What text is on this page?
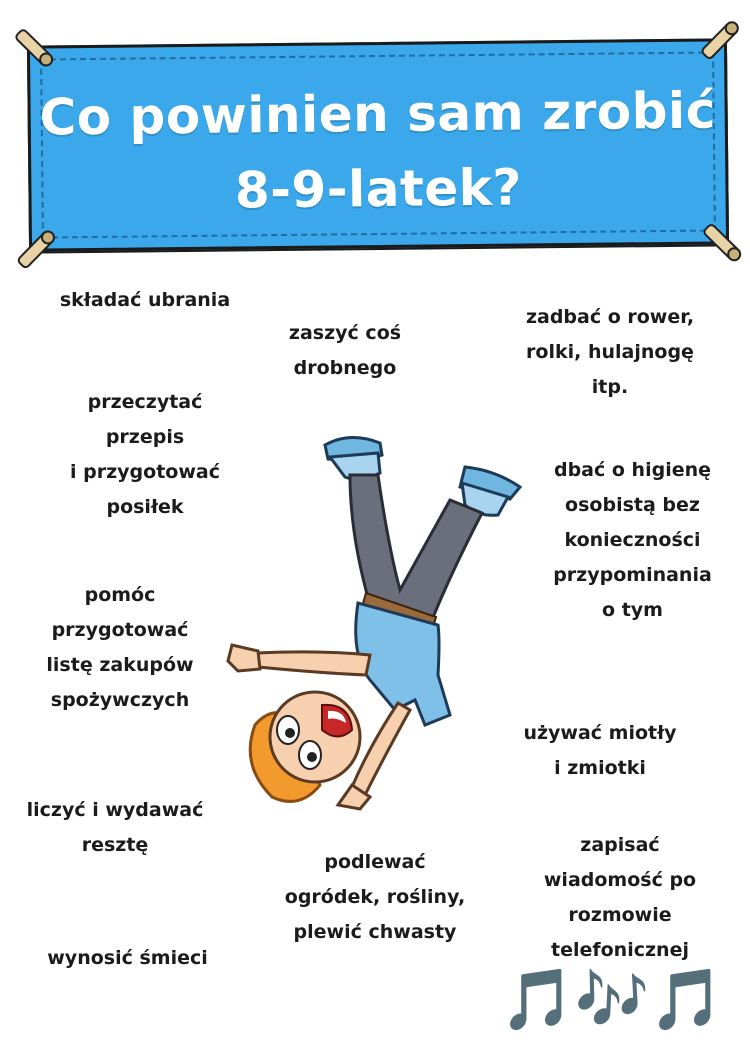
Co powinien sam zrobić
8-9-latek?
składać ubrania
zaszyć coś
drobnego
zadbać o rower,
rolki, hulajnogę
itp.
przeczytać
przepis
i przygotować
posiłek
dbać o higienę
osobistą bez
konieczności
przypominania
o tym
pomóc
przygotować
listę zakupów
spożywczych
używać miotły
i zmiotki
liczyć i wydawać
resztę
podlewać
ogródek, rośliny,
plewić chwasty
zapisać
wiadomość po
rozmowie
telefonicznej
wynosić śmieci
🎵🎶🎵
